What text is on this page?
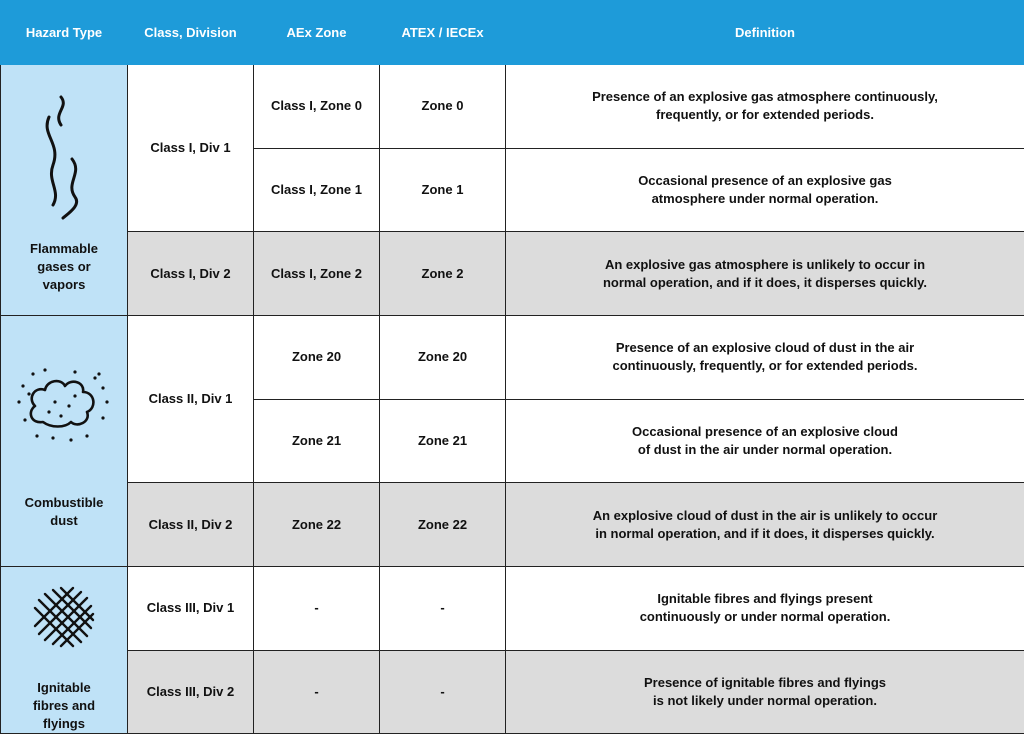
Hazard Type	Class, Division	AEx Zone	ATEX / IECEx	Definition

Flammable
gases or
vapors	Class I, Div 1	Class I, Zone 0	Zone 0	Presence of an explosive gas atmosphere continuously,
frequently, or for extended periods.
		Class I, Zone 1	Zone 1	Occasional presence of an explosive gas
atmosphere under normal operation.
	Class I, Div 2	Class I, Zone 2	Zone 2	An explosive gas atmosphere is unlikely to occur in
normal operation, and if it does, it disperses quickly.

Combustible
dust	Class II, Div 1	Zone 20	Zone 20	Presence of an explosive cloud of dust in the air
continuously, frequently, or for extended periods.
		Zone 21	Zone 21	Occasional presence of an explosive cloud
of dust in the air under normal operation.
	Class II, Div 2	Zone 22	Zone 22	An explosive cloud of dust in the air is unlikely to occur
in normal operation, and if it does, it disperses quickly.

Ignitable
fibres and
flyings	Class III, Div 1	-	-	Ignitable fibres and flyings present
continuously or under normal operation.
	Class III, Div 2	-	-	Presence of ignitable fibres and flyings
is not likely under normal operation.
